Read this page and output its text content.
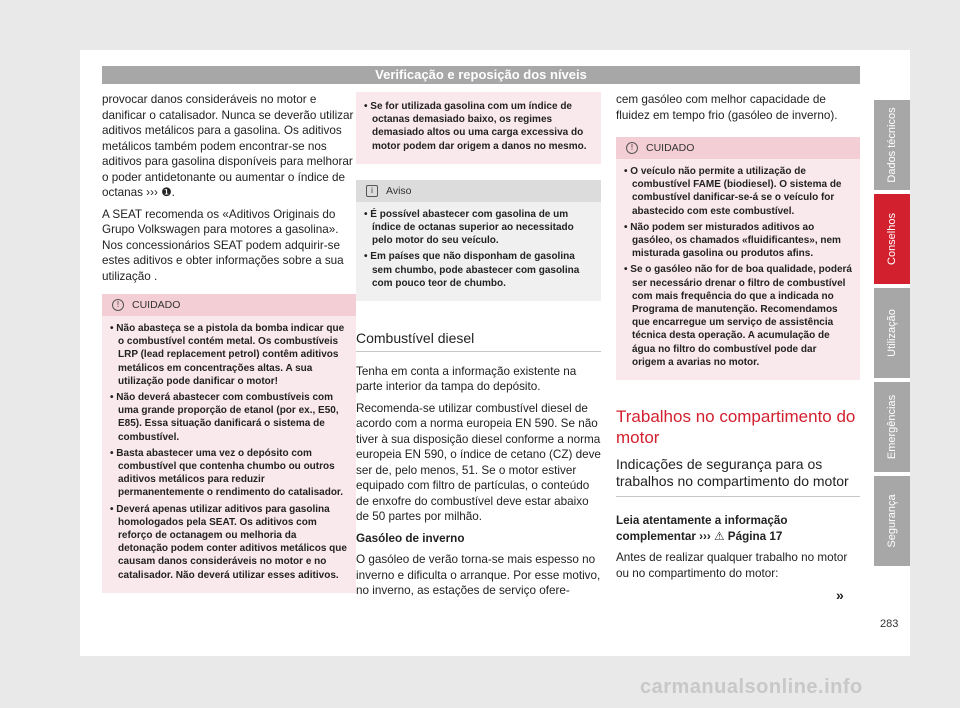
Verificação e reposição dos níveis

provocar danos consideráveis no motor e danificar o catalisador. Nunca se deverão utilizar aditivos metálicos para a gasolina. Os aditivos metálicos também podem encontrar-se nos aditivos para gasolina disponíveis para melhorar o poder antidetonante ou aumentar o índice de octanas ››› ❶.

A SEAT recomenda os «Aditivos Originais do Grupo Volkswagen para motores a gasolina». Nos concessionários SEAT podem adquirir-se estes aditivos e obter informações sobre a sua utilização .

! CUIDADO
• Não abasteça se a pistola da bomba indicar que o combustível contém metal. Os combustíveis LRP (lead replacement petrol) contêm aditivos metálicos em concentrações altas. A sua utilização pode danificar o motor!
• Não deverá abastecer com combustíveis com uma grande proporção de etanol (por ex., E50, E85). Essa situação danificará o sistema de combustível.
• Basta abastecer uma vez o depósito com combustível que contenha chumbo ou outros aditivos metálicos para reduzir permanentemente o rendimento do catalisador.
• Deverá apenas utilizar aditivos para gasolina homologados pela SEAT. Os aditivos com reforço de octanagem ou melhoria da detonação podem conter aditivos metálicos que causam danos consideráveis no motor e no catalisador. Não deverá utilizar esses aditivos.
• Se for utilizada gasolina com um índice de octanas demasiado baixo, os regimes demasiado altos ou uma carga excessiva do motor podem dar origem a danos no mesmo.
i Aviso
• É possível abastecer com gasolina de um índice de octanas superior ao necessitado pelo motor do seu veículo.
• Em países que não disponham de gasolina sem chumbo, pode abastecer com gasolina com pouco teor de chumbo.
Combustível diesel

Tenha em conta a informação existente na parte interior da tampa do depósito.

Recomenda-se utilizar combustível diesel de acordo com a norma europeia EN 590. Se não tiver à sua disposição diesel conforme a norma europeia EN 590, o índice de cetano (CZ) deve ser de, pelo menos, 51. Se o motor estiver equipado com filtro de partículas, o conteúdo de enxofre do combustível deve estar abaixo de 50 partes por milhão.

Gasóleo de inverno

O gasóleo de verão torna-se mais espesso no inverno e dificulta o arranque. Por esse motivo, no inverno, as estações de serviço ofere-

cem gasóleo com melhor capacidade de fluidez em tempo frio (gasóleo de inverno).

! CUIDADO
• O veículo não permite a utilização de combustível FAME (biodiesel). O sistema de combustível danificar-se-á se o veículo for abastecido com este combustível.
• Não podem ser misturados aditivos ao gasóleo, os chamados «fluidificantes», nem misturada gasolina ou produtos afins.
• Se o gasóleo não for de boa qualidade, poderá ser necessário drenar o filtro de combustível com mais frequência do que a indicada no Programa de manutenção. Recomendamos que encarregue um serviço de assistência técnica desta operação. A acumulação de água no filtro do combustível pode dar origem a avarias no motor.
Trabalhos no compartimento do motor
Indicações de segurança para os trabalhos no compartimento do motor

Leia atentamente a informação complementar ››› ⚠ Página 17

Antes de realizar qualquer trabalho no motor ou no compartimento do motor:

»
Dados técnicos
Conselhos
Utilização
Emergências
Segurança
283
carmanualsonline.info
